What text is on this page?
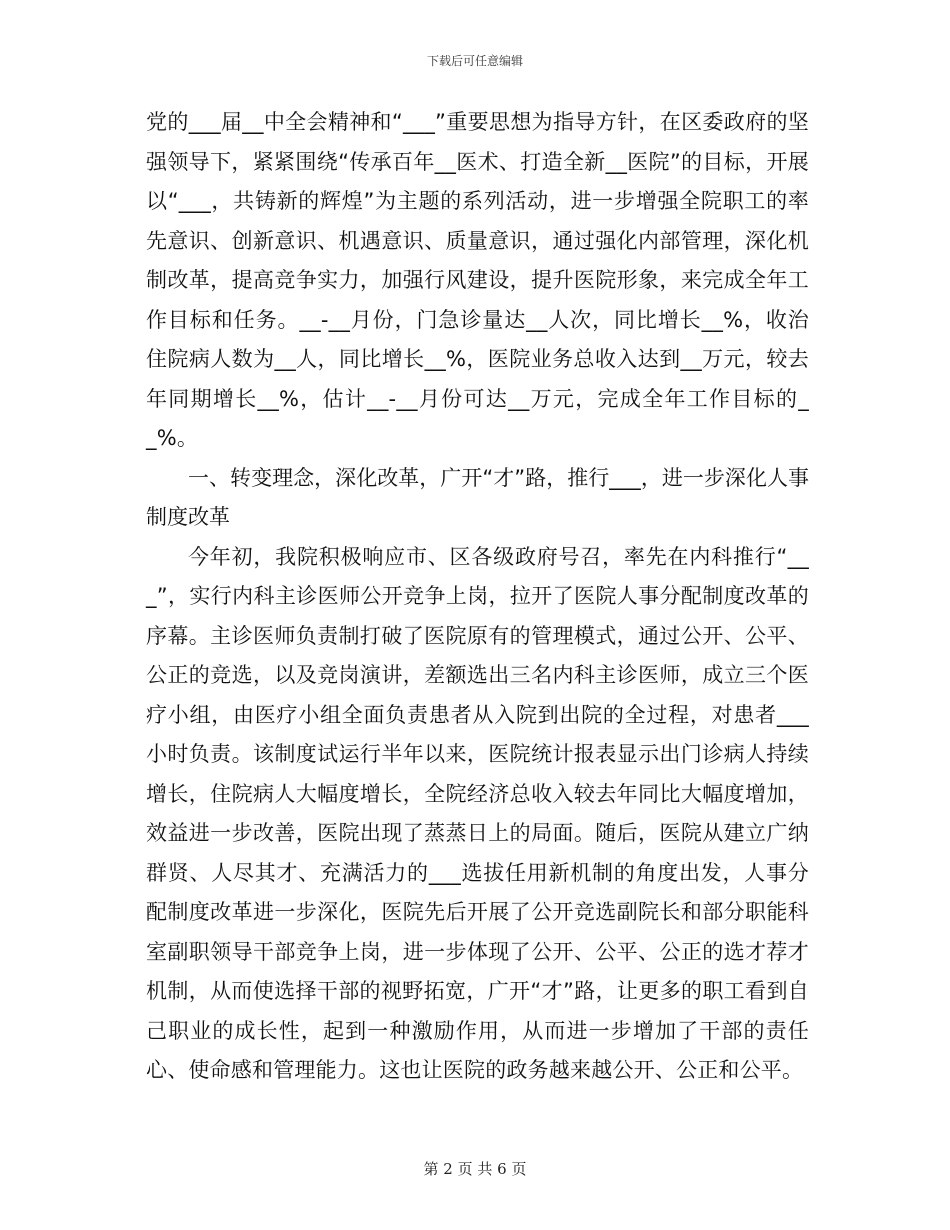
下载后可任意编辑

党的___届__中全会精神和“___”重要思想为指导方针，在区委政府的坚强领导下，紧紧围绕“传承百年__医术、打造全新__医院”的目标，开展以“___，共铸新的辉煌”为主题的系列活动，进一步增强全院职工的率先意识、创新意识、机遇意识、质量意识，通过强化内部管理，深化机制改革，提高竞争实力，加强行风建设，提升医院形象，来完成全年工作目标和任务。__-__月份，门急诊量达__人次，同比增长__%，收治住院病人数为__人，同比增长__%，医院业务总收入达到__万元，较去年同期增长__%，估计__-__月份可达__万元，完成全年工作目标的__%。

一、转变理念，深化改革，广开“才”路，推行___，进一步深化人事制度改革

今年初，我院积极响应市、区各级政府号召，率先在内科推行“___”，实行内科主诊医师公开竞争上岗，拉开了医院人事分配制度改革的序幕。主诊医师负责制打破了医院原有的管理模式，通过公开、公平、公正的竞选，以及竞岗演讲，差额选出三名内科主诊医师，成立三个医疗小组，由医疗小组全面负责患者从入院到出院的全过程，对患者___小时负责。该制度试运行半年以来，医院统计报表显示出门诊病人持续增长，住院病人大幅度增长，全院经济总收入较去年同比大幅度增加，效益进一步改善，医院出现了蒸蒸日上的局面。随后，医院从建立广纳群贤、人尽其才、充满活力的___选拔任用新机制的角度出发，人事分配制度改革进一步深化，医院先后开展了公开竞选副院长和部分职能科室副职领导干部竞争上岗，进一步体现了公开、公平、公正的选才荐才机制，从而使选择干部的视野拓宽，广开“才”路，让更多的职工看到自己职业的成长性，起到一种激励作用，从而进一步增加了干部的责任心、使命感和管理能力。这也让医院的政务越来越公开、公正和公平。

第 2 页 共 6 页
